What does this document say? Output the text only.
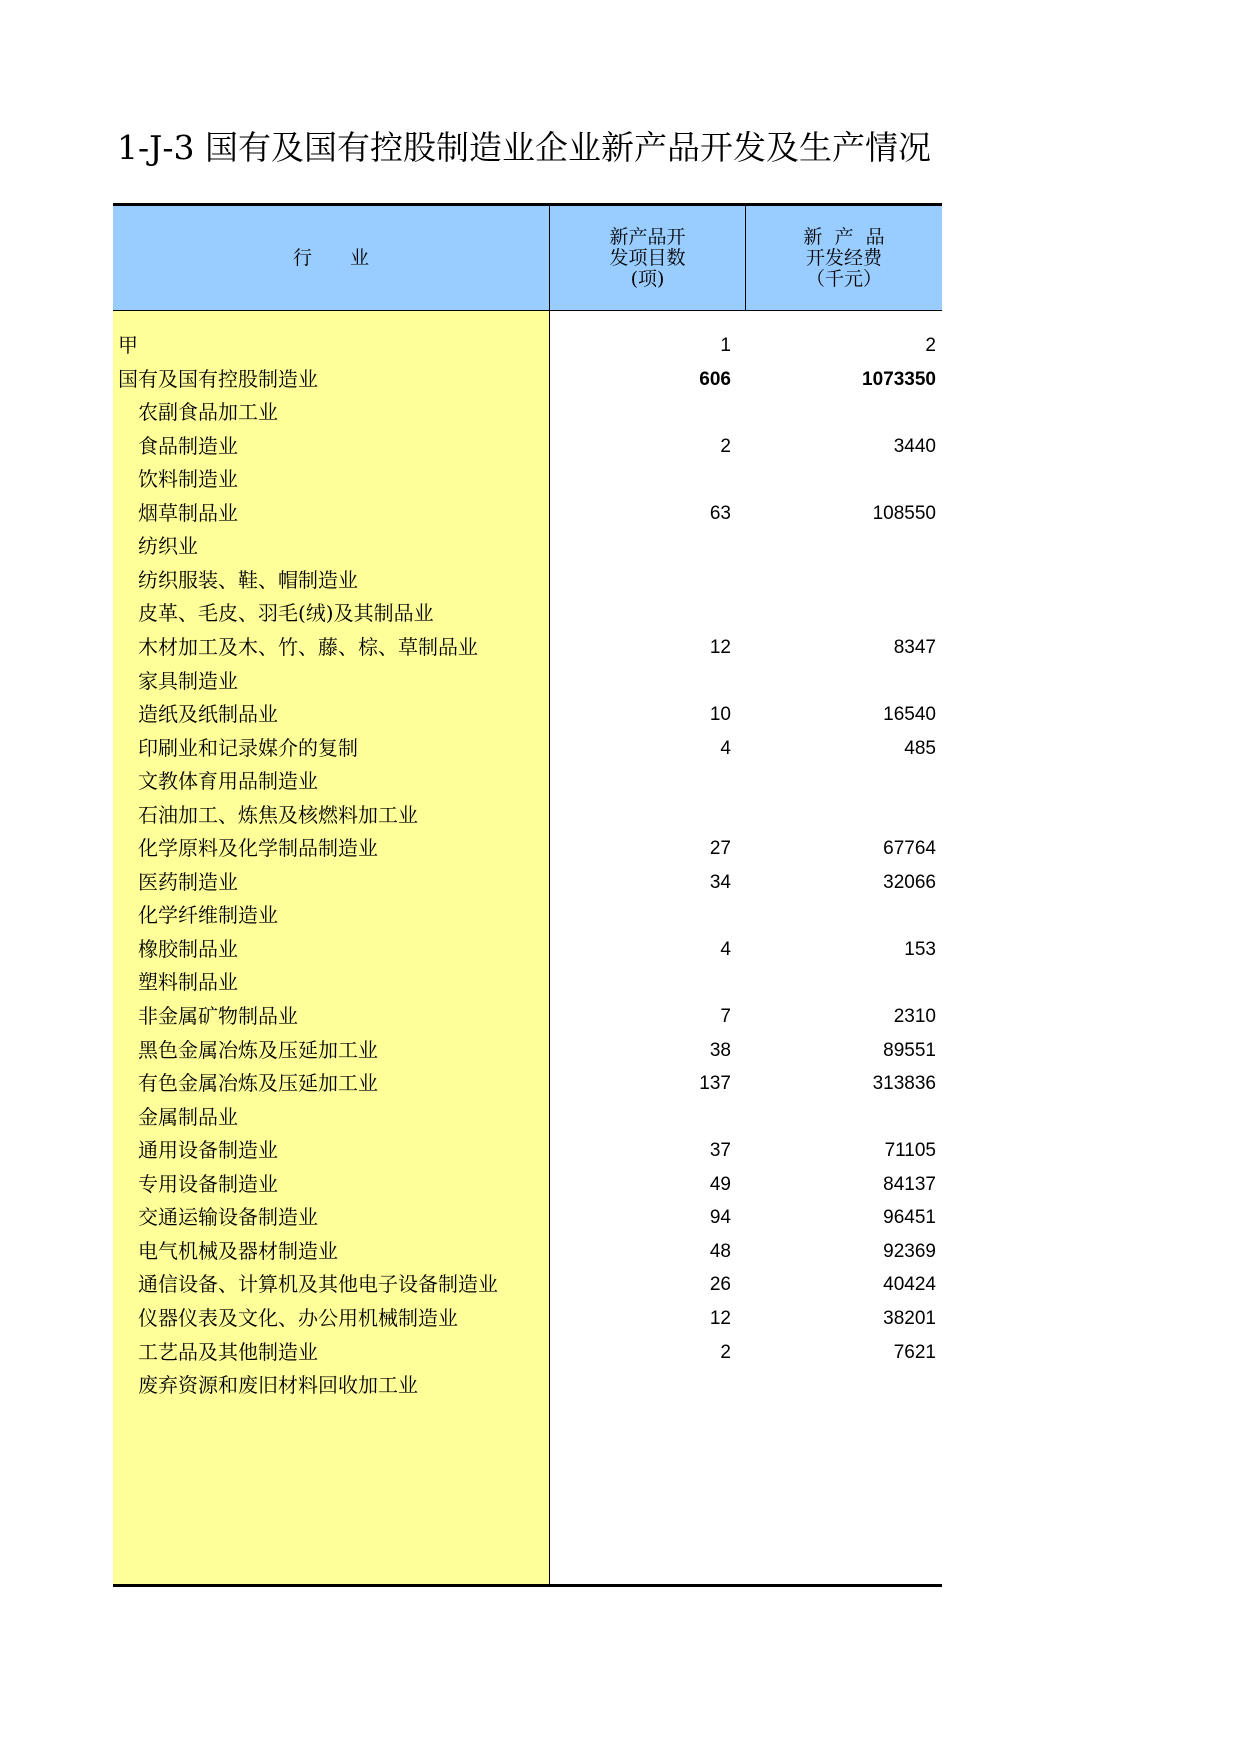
1-J-3 国有及国有控股制造业企业新产品开发及生产情况
行　　业
新产品开
发项目数
(项)
新  产  品
开发经费
（千元）
甲	1	2
国有及国有控股制造业	606	1073350
农副食品加工业
食品制造业	2	3440
饮料制造业
烟草制品业	63	108550
纺织业
纺织服装、鞋、帽制造业
皮革、毛皮、羽毛(绒)及其制品业
木材加工及木、竹、藤、棕、草制品业	12	8347
家具制造业
造纸及纸制品业	10	16540
印刷业和记录媒介的复制	4	485
文教体育用品制造业
石油加工、炼焦及核燃料加工业
化学原料及化学制品制造业	27	67764
医药制造业	34	32066
化学纤维制造业
橡胶制品业	4	153
塑料制品业
非金属矿物制品业	7	2310
黑色金属冶炼及压延加工业	38	89551
有色金属冶炼及压延加工业	137	313836
金属制品业
通用设备制造业	37	71105
专用设备制造业	49	84137
交通运输设备制造业	94	96451
电气机械及器材制造业	48	92369
通信设备、计算机及其他电子设备制造业	26	40424
仪器仪表及文化、办公用机械制造业	12	38201
工艺品及其他制造业	2	7621
废弃资源和废旧材料回收加工业
